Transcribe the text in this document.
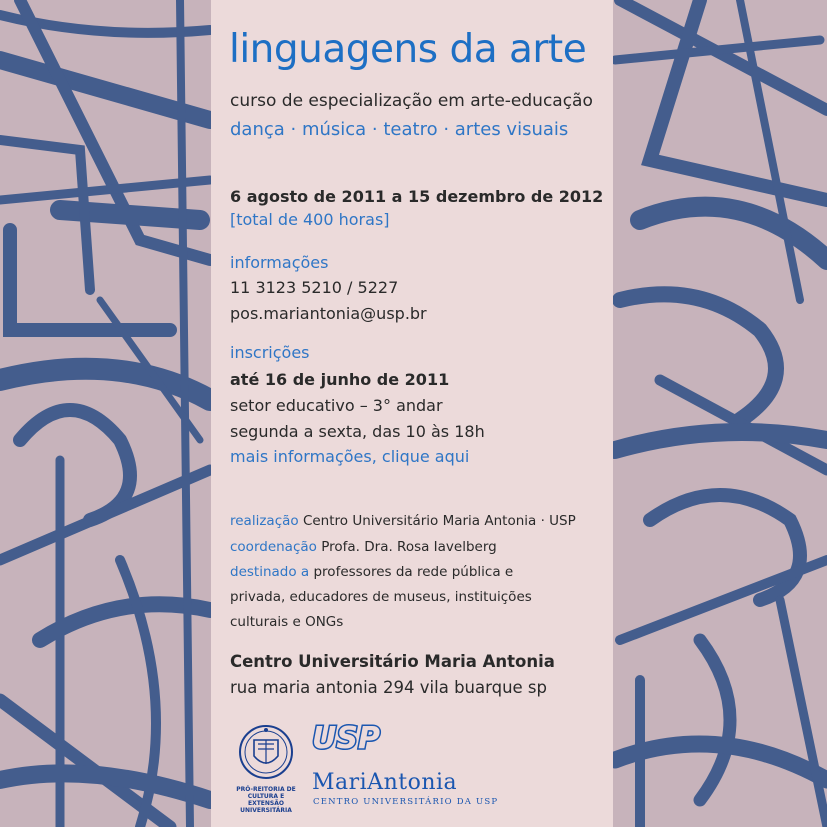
linguagens da arte
curso de especialização em arte-educação
dança · música · teatro · artes visuais
6 agosto de 2011 a 15 dezembro de 2012
[total de 400 horas]
informações
11 3123 5210 / 5227
pos.mariantonia@usp.br
inscrições
até 16 de junho de 2011
setor educativo – 3° andar
segunda a sexta, das 10 às 18h
mais informações, clique aqui
realização Centro Universitário Maria Antonia · USP
coordenação Profa. Dra. Rosa Iavelberg
destinado a professores da rede pública e
privada, educadores de museus, instituições
culturais e ONGs
Centro Universitário Maria Antonia
rua maria antonia 294 vila buarque sp
PRÓ-REITORIA DE
CULTURA E EXTENSÃO
UNIVERSITÁRIA
USP
MariAntonia
CENTRO UNIVERSITÁRIO DA USP
